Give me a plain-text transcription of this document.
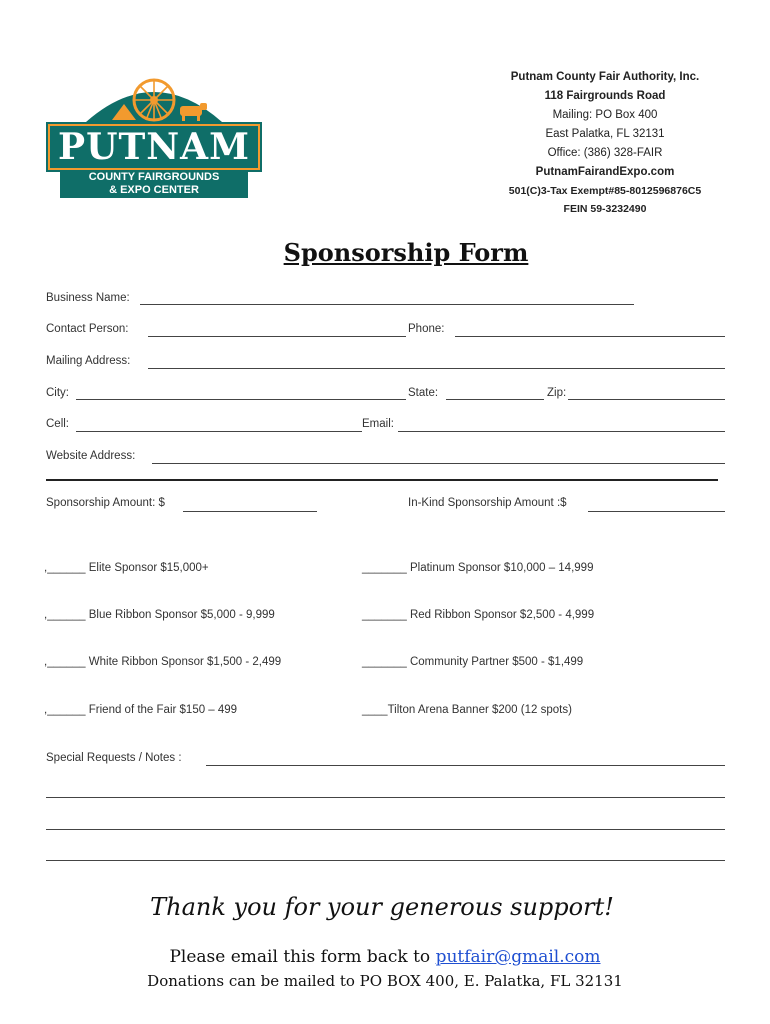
PUTNAM
COUNTY FAIRGROUNDS
& EXPO CENTER
Putnam County Fair Authority, Inc.
118 Fairgrounds Road
Mailing: PO Box 400
East Palatka, FL 32131
Office: (386) 328-FAIR
PutnamFairandExpo.com
501(C)3-Tax Exempt#85-8012596876C5
FEIN 59-3232490
Sponsorship Form
Business Name:
Contact Person:	Phone:
Mailing Address:
City:	State:	Zip:
Cell:	Email:
Website Address:
Sponsorship Amount: $	In-Kind Sponsorship Amount :$
,______ Elite Sponsor $15,000+	_______ Platinum Sponsor $10,000 – 14,999
,______ Blue Ribbon Sponsor $5,000 - 9,999	_______ Red Ribbon Sponsor $2,500 - 4,999
,______ White Ribbon Sponsor $1,500 - 2,499	_______ Community Partner $500 - $1,499
,______ Friend of the Fair $150 – 499	____Tilton Arena Banner $200 (12 spots)
Special Requests / Notes :
Thank you for your generous support!
Please email this form back to putfair@gmail.com
Donations can be mailed to PO BOX 400, E. Palatka, FL 32131
